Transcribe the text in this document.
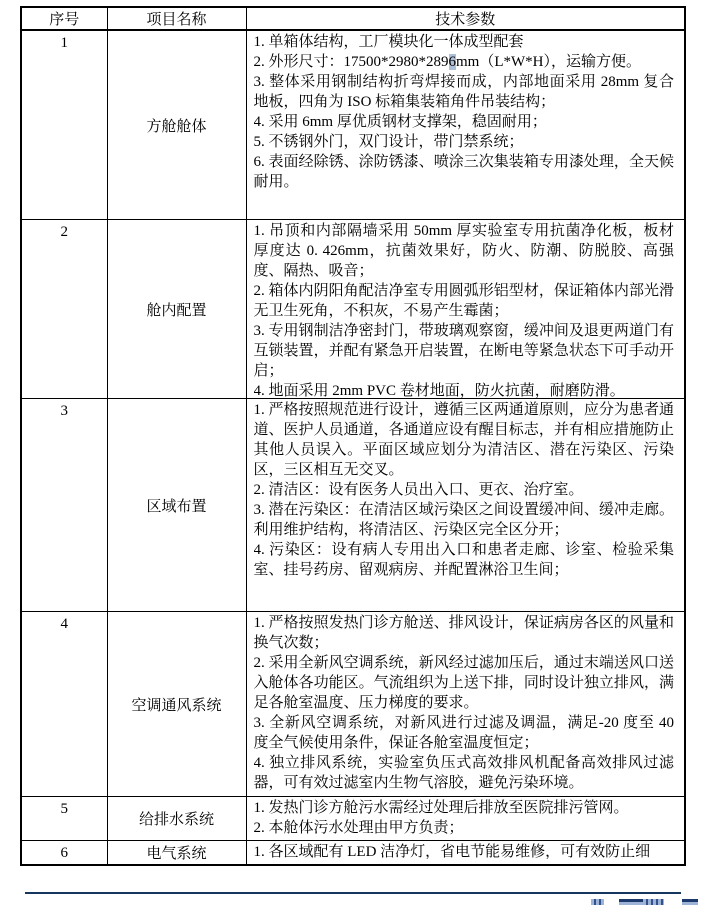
序号	项目名称	技术参数
1	方舱舱体	

1. 单箱体结构，工厂模块化一体成型配套

2. 外形尺寸：17500*2980*2896mm（L*W*H），运输方便。

3. 整体采用钢制结构折弯焊接而成，内部地面采用 28mm 复合地板，四角为 ISO 标箱集装箱角件吊装结构；

4. 采用 6mm 厚优质钢材支撑架，稳固耐用；

5. 不锈钢外门，双门设计，带门禁系统；

6. 表面经除锈、涂防锈漆、喷涂三次集装箱专用漆处理，全天候耐用。

2	舱内配置	1. 吊顶和内部隔墙采用 50mm 厚实验室专用抗菌净化板，板材厚度达 0. 426mm，抗菌效果好，防火、防潮、防脱胶、高强度、隔热、吸音；

2. 箱体内阴阳角配洁净室专用圆弧形铝型材，保证箱体内部光滑无卫生死角，不积灰，不易产生霉菌；

3. 专用钢制洁净密封门，带玻璃观察窗，缓冲间及退更两道门有互锁装置，并配有紧急开启装置，在断电等紧急状态下可手动开启；

4. 地面采用 2mm PVC 卷材地面，防火抗菌，耐磨防滑。

3	区域布置	1. 严格按照规范进行设计，遵循三区两通道原则，应分为患者通道、医护人员通道，各通道应设有醒目标志，并有相应措施防止其他人员误入。平面区域应划分为清洁区、潜在污染区、污染区，三区相互无交叉。

2. 清洁区：设有医务人员出入口、更衣、治疗室。

3. 潜在污染区：在清洁区域污染区之间设置缓冲间、缓冲走廊。利用维护结构，将清洁区、污染区完全区分开；

4. 污染区：设有病人专用出入口和患者走廊、诊室、检验采集室、挂号药房、留观病房、并配置淋浴卫生间；

4	空调通风系统	1. 严格按照发热门诊方舱送、排风设计，保证病房各区的风量和换气次数；

2. 采用全新风空调系统，新风经过滤加压后，通过末端送风口送入舱体各功能区。气流组织为上送下排，同时设计独立排风，满足各舱室温度、压力梯度的要求。

3. 全新风空调系统，对新风进行过滤及调温，满足-20 度至 40 度全气候使用条件，保证各舱室温度恒定；

4. 独立排风系统，实验室负压式高效排风机配备高效排风过滤器，可有效过滤室内生物气溶胶，避免污染环境。

5	给排水系统	1. 发热门诊方舱污水需经过处理后排放至医院排污管网。

2. 本舱体污水处理由甲方负责；

6	电气系统	1. 各区域配有 LED 洁净灯，省电节能易维修，可有效防止细
